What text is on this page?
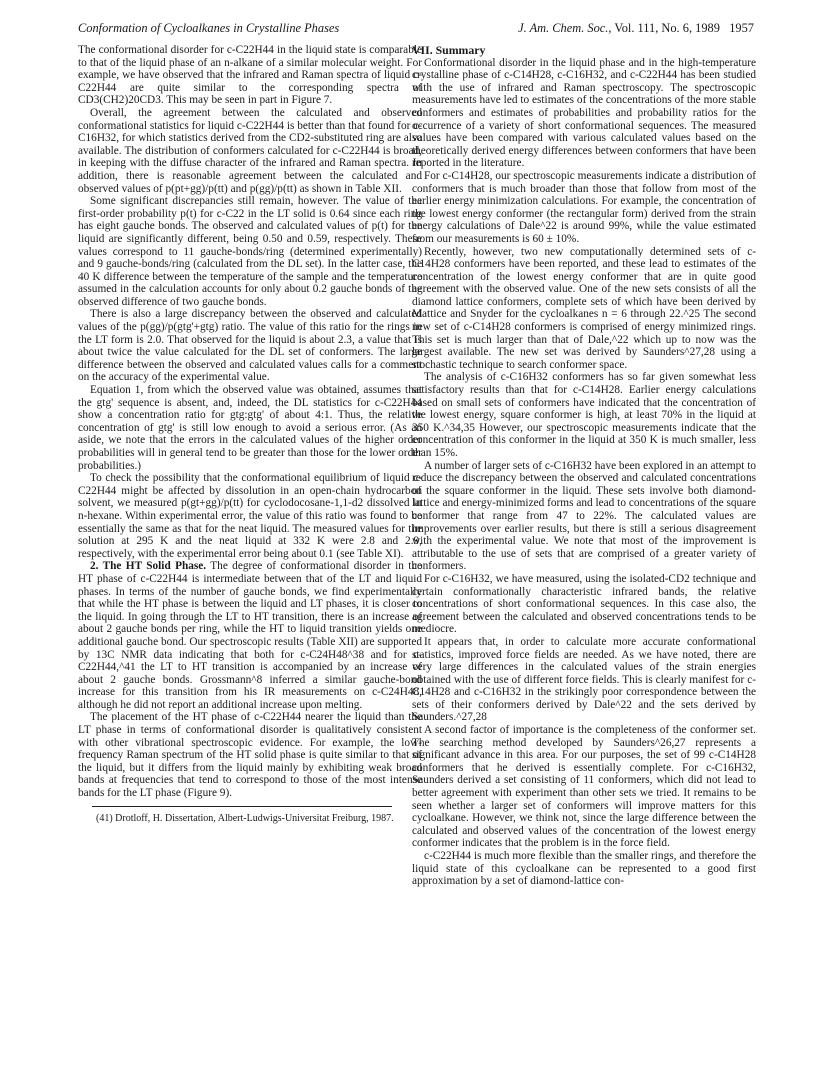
Conformation of Cycloalkanes in Crystalline Phases	J. Am. Chem. Soc., Vol. 111, No. 6, 1989 1957

The conformational disorder for c-C22H44 in the liquid state is comparable to that of the liquid phase of an n-alkane of a similar molecular weight. For example, we have observed that the infrared and Raman spectra of liquid c-C22H44 are quite similar to the corresponding spectra of CD3(CH2)20CD3. This may be seen in part in Figure 7.

Overall, the agreement between the calculated and observed conformational statistics for liquid c-C22H44 is better than that found for c-C16H32, for which statistics derived from the CD2-substituted ring are also available. The distribution of conformers calculated for c-C22H44 is broad, in keeping with the diffuse character of the infrared and Raman spectra. In addition, there is reasonable agreement between the calculated and observed values of p(pt+gg)/p(tt) and p(gg)/p(tt) as shown in Table XII.

Some significant discrepancies still remain, however. The value of the first-order probability p(t) for c-C22 in the LT solid is 0.64 since each ring has eight gauche bonds. The observed and calculated values of p(t) for the liquid are significantly different, being 0.50 and 0.59, respectively. These values correspond to 11 gauche-bonds/ring (determined experimentally) and 9 gauche-bonds/ring (calculated from the DL set). In the latter case, the 40 K difference between the temperature of the sample and the temperature assumed in the calculation accounts for only about 0.2 gauche bonds of the observed difference of two gauche bonds.

There is also a large discrepancy between the observed and calculated values of the p(gg)/p(gtg'+gtg) ratio. The value of this ratio for the rings in the LT form is 2.0. That observed for the liquid is about 2.3, a value that is about twice the value calculated for the DL set of conformers. The large difference between the observed and calculated values calls for a comment on the accuracy of the experimental value.

Equation 1, from which the observed value was obtained, assumes that the gtg' sequence is absent, and, indeed, the DL statistics for c-C22H44 show a concentration ratio for gtg:gtg' of about 4:1. Thus, the relative concentration of gtg' is still low enough to avoid a serious error. (As an aside, we note that the errors in the calculated values of the higher order probabilities will in general tend to be greater than those for the lower order probabilities.)

To check the possibility that the conformational equilibrium of liquid c-C22H44 might be affected by dissolution in an open-chain hydrocarbon solvent, we measured p(gt+gg)/p(tt) for cyclodocosane-1,1-d2 dissolved in n-hexane. Within experimental error, the value of this ratio was found to be essentially the same as that for the neat liquid. The measured values for the solution at 295 K and the neat liquid at 332 K were 2.8 and 2.9, respectively, with the experimental error being about 0.1 (see Table XI).

2. The HT Solid Phase. The degree of conformational disorder in the HT phase of c-C22H44 is intermediate between that of the LT and liquid phases. In terms of the number of gauche bonds, we find experimentally that while the HT phase is between the liquid and LT phases, it is closer to the liquid. In going through the LT to HT transition, there is an increase of about 2 gauche bonds per ring, while the HT to liquid transition yields one additional gauche bond. Our spectroscopic results (Table XII) are supported by 13C NMR data indicating that both for c-C24H48^38 and for c-C22H44,^41 the LT to HT transition is accompanied by an increase of about 2 gauche bonds. Grossmann^8 inferred a similar gauche-bond increase for this transition from his IR measurements on c-C24H48, although he did not report an additional increase upon melting.

The placement of the HT phase of c-C22H44 nearer the liquid than the LT phase in terms of conformational disorder is qualitatively consistent with other vibrational spectroscopic evidence. For example, the low-frequency Raman spectrum of the HT solid phase is quite similar to that of the liquid, but it differs from the liquid mainly by exhibiting weak broad bands at frequencies that tend to correspond to those of the most intense bands for the LT phase (Figure 9).

(41) Drotloff, H. Dissertation, Albert-Ludwigs-Universitat Freiburg, 1987.

VII. Summary

Conformational disorder in the liquid phase and in the high-temperature crystalline phase of c-C14H28, c-C16H32, and c-C22H44 has been studied with the use of infrared and Raman spectroscopy. The spectroscopic measurements have led to estimates of the concentrations of the more stable conformers and estimates of probabilities and probability ratios for the occurrence of a variety of short conformational sequences. The measured values have been compared with various calculated values based on the theoretically derived energy differences between conformers that have been reported in the literature.

For c-C14H28, our spectroscopic measurements indicate a distribution of conformers that is much broader than those that follow from most of the earlier energy minimization calculations. For example, the concentration of the lowest energy conformer (the rectangular form) derived from the strain energy calculations of Dale^22 is around 99%, while the value estimated from our measurements is 60 ± 10%.

Recently, however, two new computationally determined sets of c-C14H28 conformers have been reported, and these lead to estimates of the concentration of the lowest energy conformer that are in quite good agreement with the observed value. One of the new sets consists of all the diamond lattice conformers, complete sets of which have been derived by Mattice and Snyder for the cycloalkanes n = 6 through 22.^25 The second new set of c-C14H28 conformers is comprised of energy minimized rings. This set is much larger than that of Dale,^22 which up to now was the largest available. The new set was derived by Saunders^27,28 using a stochastic technique to search conformer space.

The analysis of c-C16H32 conformers has so far given somewhat less satisfactory results than that for c-C14H28. Earlier energy calculations based on small sets of conformers have indicated that the concentration of the lowest energy, square conformer is high, at least 70% in the liquid at 350 K.^34,35 However, our spectroscopic measurements indicate that the concentration of this conformer in the liquid at 350 K is much smaller, less than 15%.

A number of larger sets of c-C16H32 have been explored in an attempt to reduce the discrepancy between the observed and calculated concentrations of the square conformer in the liquid. These sets involve both diamond-lattice and energy-minimized forms and lead to concentrations of the square conformer that range from 47 to 22%. The calculated values are improvements over earlier results, but there is still a serious disagreement with the experimental value. We note that most of the improvement is attributable to the use of sets that are comprised of a greater variety of conformers.

For c-C16H32, we have measured, using the isolated-CD2 technique and certain conformationally characteristic infrared bands, the relative concentrations of short conformational sequences. In this case also, the agreement between the calculated and observed concentrations tends to be mediocre.

It appears that, in order to calculate more accurate conformational statistics, improved force fields are needed. As we have noted, there are very large differences in the calculated values of the strain energies obtained with the use of different force fields. This is clearly manifest for c-C14H28 and c-C16H32 in the strikingly poor correspondence between the sets of their conformers derived by Dale^22 and the sets derived by Saunders.^27,28

A second factor of importance is the completeness of the conformer set. The searching method developed by Saunders^26,27 represents a significant advance in this area. For our purposes, the set of 99 c-C14H28 conformers that he derived is essentially complete. For c-C16H32, Saunders derived a set consisting of 11 conformers, which did not lead to better agreement with experiment than other sets we tried. It remains to be seen whether a larger set of conformers will improve matters for this cycloalkane. However, we think not, since the large difference between the calculated and observed values of the concentration of the lowest energy conformer indicates that the problem is in the force field.

c-C22H44 is much more flexible than the smaller rings, and therefore the liquid state of this cycloalkane can be represented to a good first approximation by a set of diamond-lattice con-
